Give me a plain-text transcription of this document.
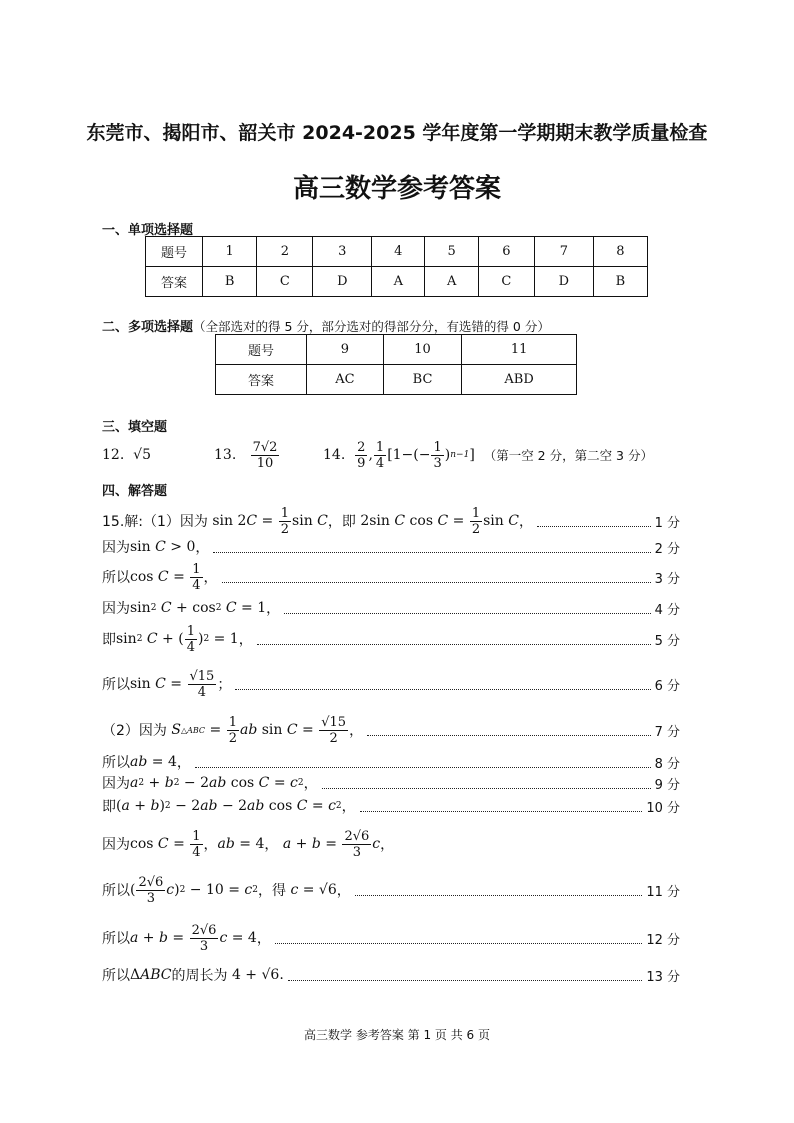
东莞市、揭阳市、韶关市 2024-2025 学年度第一学期期末教学质量检查
高三数学参考答案
一、单项选择题
题号	1	2	3	4	5	6	7	8
答案	B	C	D	A	A	C	D	B
二、多项选择题（全部选对的得 5 分，部分选对的得部分分，有选错的得 0 分）
题号	9	10	11
答案	AC	BC	ABD
三、填空题
12.
√5	13.
$\frac{7√2}{10}$	14.
2
9 , 1
4 [1−(− 1
3 ) n−1 ] （第一空 2 分，第二空 3 分）
四、解答题
15.解:（1）因为 sin 2 C = 1
2 sin C ，即 2sin C cos C = 1
2 sin C ，	1 分
因为 sin C > 0 ，	2 分
所以 cos C = 1
4 ，	3 分
因为 sin 2
C + cos 2
C = 1 ，	4 分
即 sin 2
C + ( 1
4 ) 2 = 1 ，	5 分
所以 sin C = √15
4 ；	6 分
（2）因为
S △ABC = 1
2 ab sin C = √15
2 ，	7 分
所以 ab = 4 ，	8 分
因为 a 2 + b 2 − 2 ab cos C = c 2 ，	9 分
即 ( a + b ) 2 − 2 ab − 2 ab cos C = c 2 ，	10 分
因为 cos C = 1
4 ， ab = 4 ，
a + b = 2√6
3 c ，
所以 ( 2√6
3 c ) 2 − 10 = c 2 ，得
c = √6 ，	11 分
所以 a + b = 2√6
3 c = 4 ，	12 分
所以 Δ ABC 的周长为 4 + √6.	13 分
高三数学 参考答案 第 1 页 共 6 页
